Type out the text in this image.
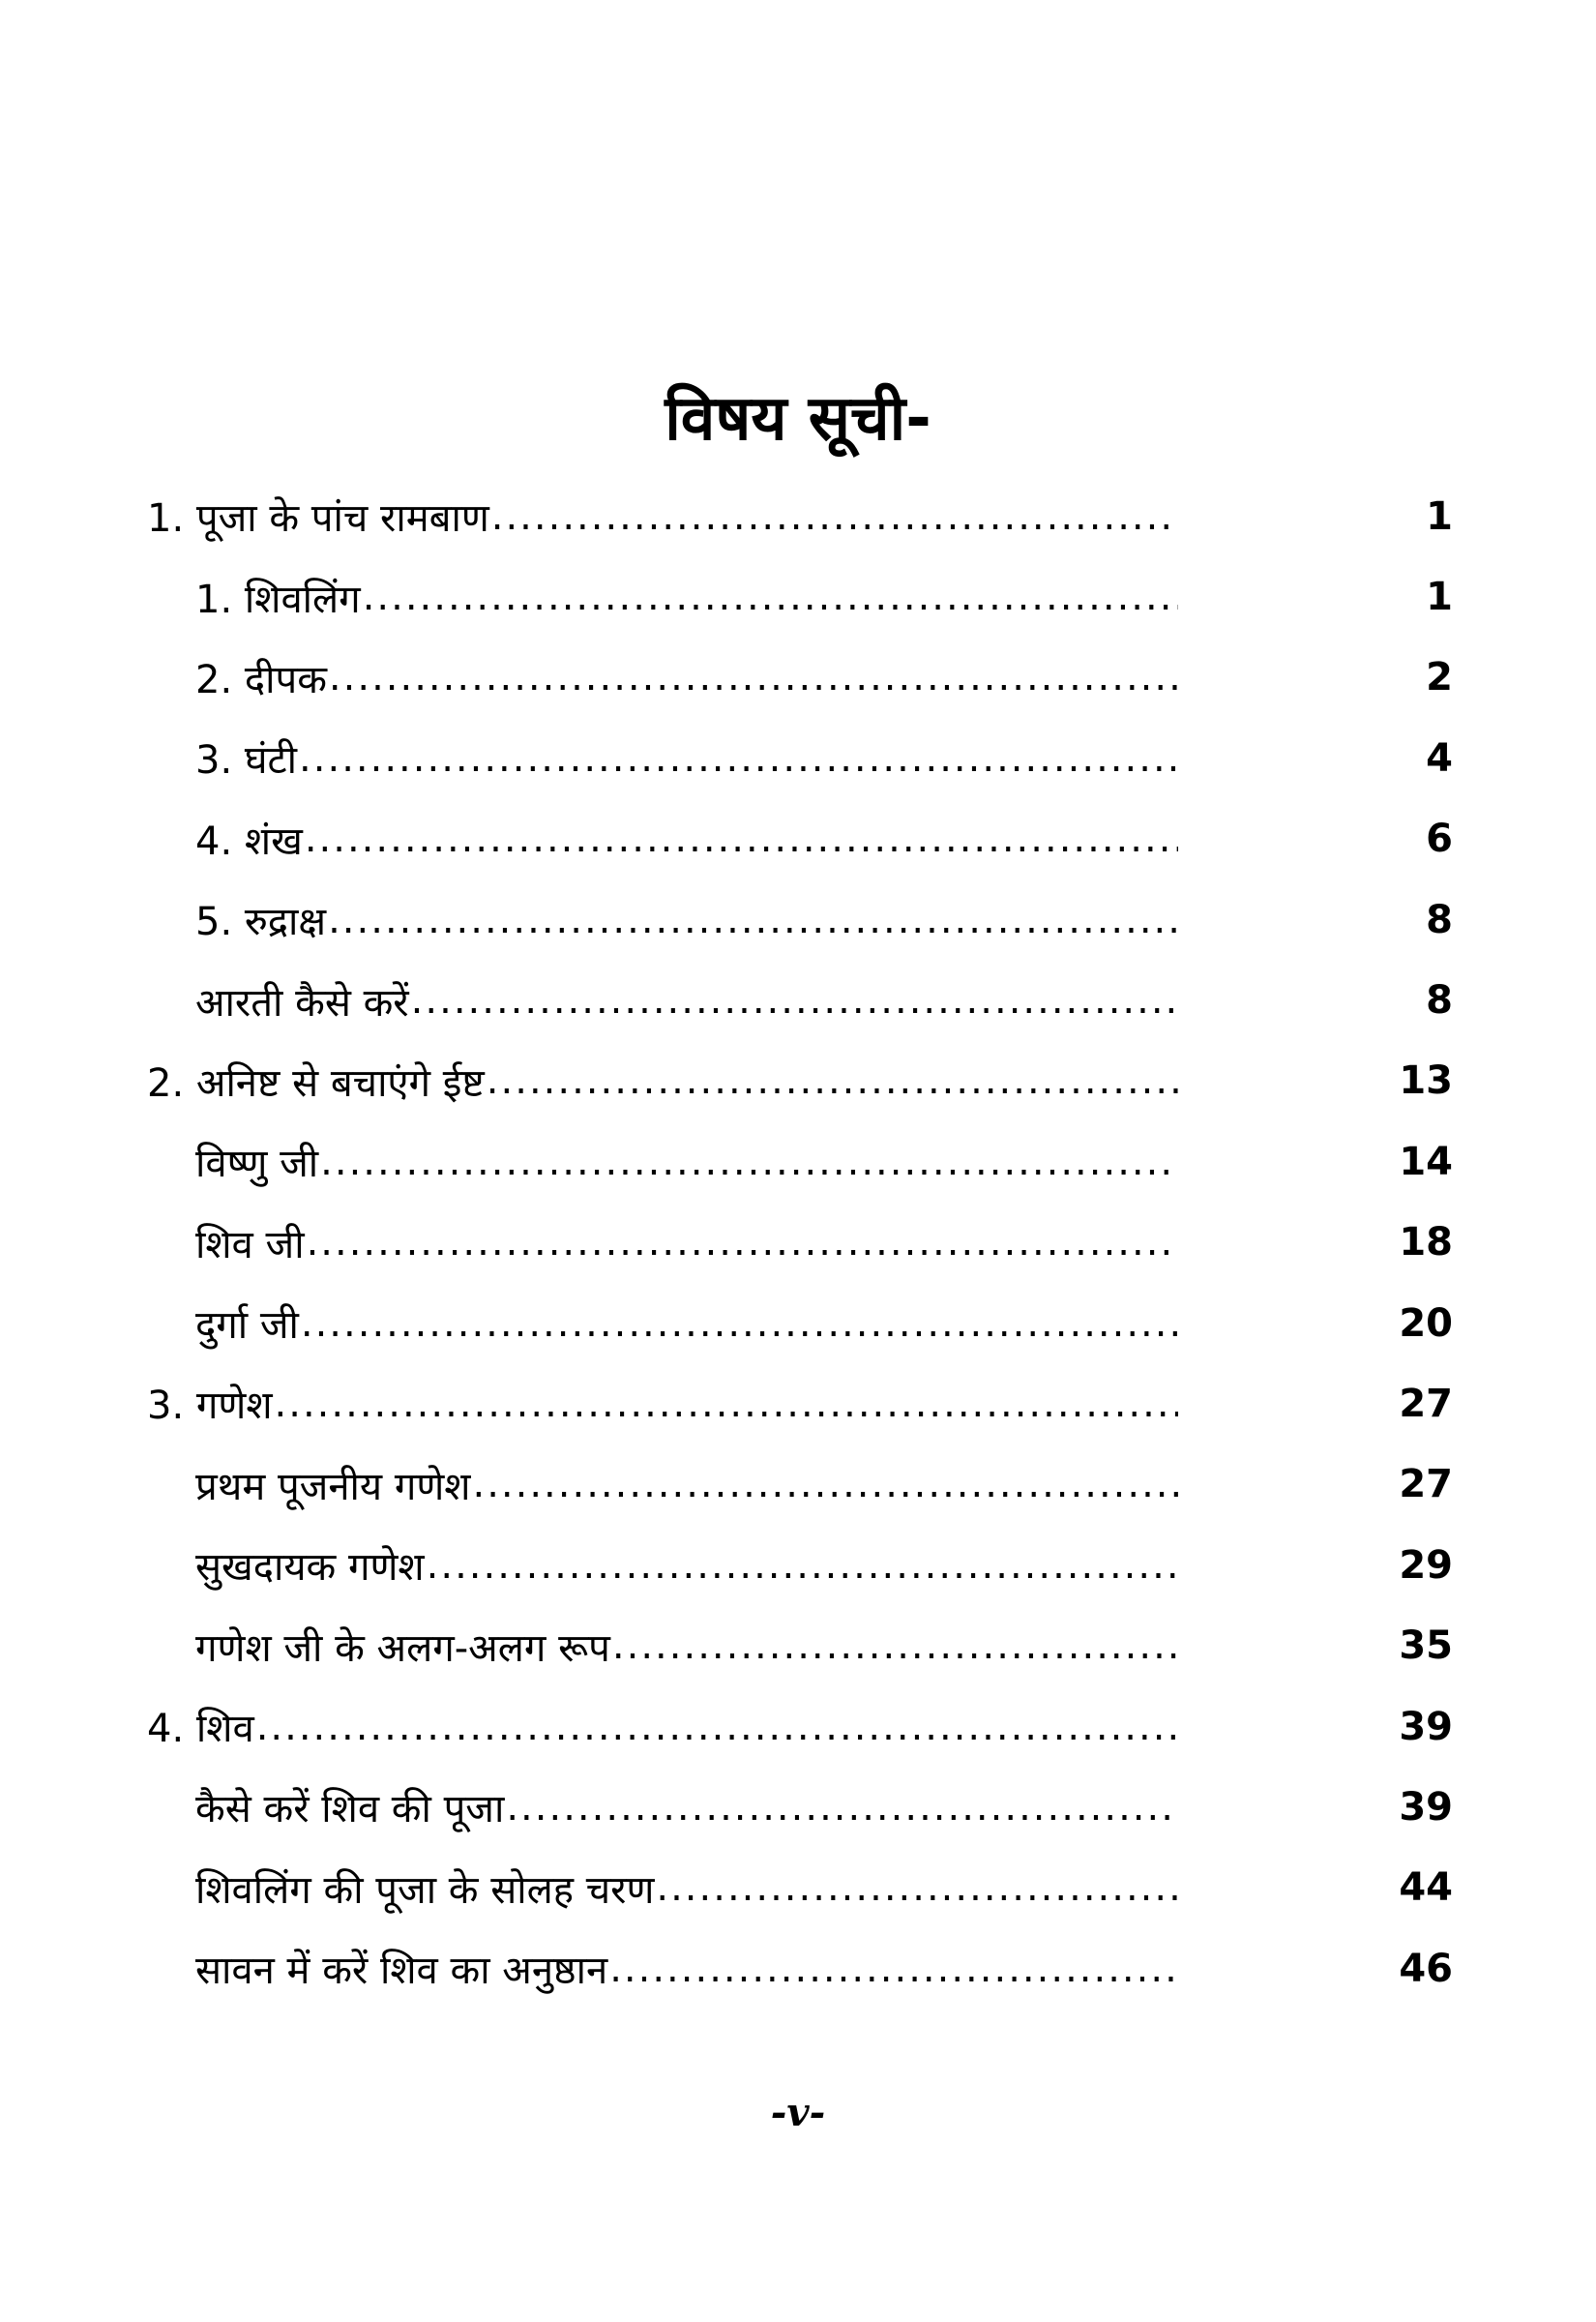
विषय सूची-
1. पूजा के पांच रामबाण .....	1
1. शिवलिंग .....	1
2. दीपक .....	2
3. घंटी .....	4
4. शंख .....	6
5. रुद्राक्ष .....	8
आरती कैसे करें .....	8
2. अनिष्ट से बचाएंगे ईष्ट .....	13
विष्णु जी .....	14
शिव जी .....	18
दुर्गा जी .....	20
3. गणेश .....	27
प्रथम पूजनीय गणेश .....	27
सुखदायक गणेश .....	29
गणेश जी के अलग-अलग रूप .....	35
4. शिव .....	39
कैसे करें शिव की पूजा .....	39
शिवलिंग की पूजा के सोलह चरण .....	44
सावन में करें शिव का अनुष्ठान .....	46
-v-
